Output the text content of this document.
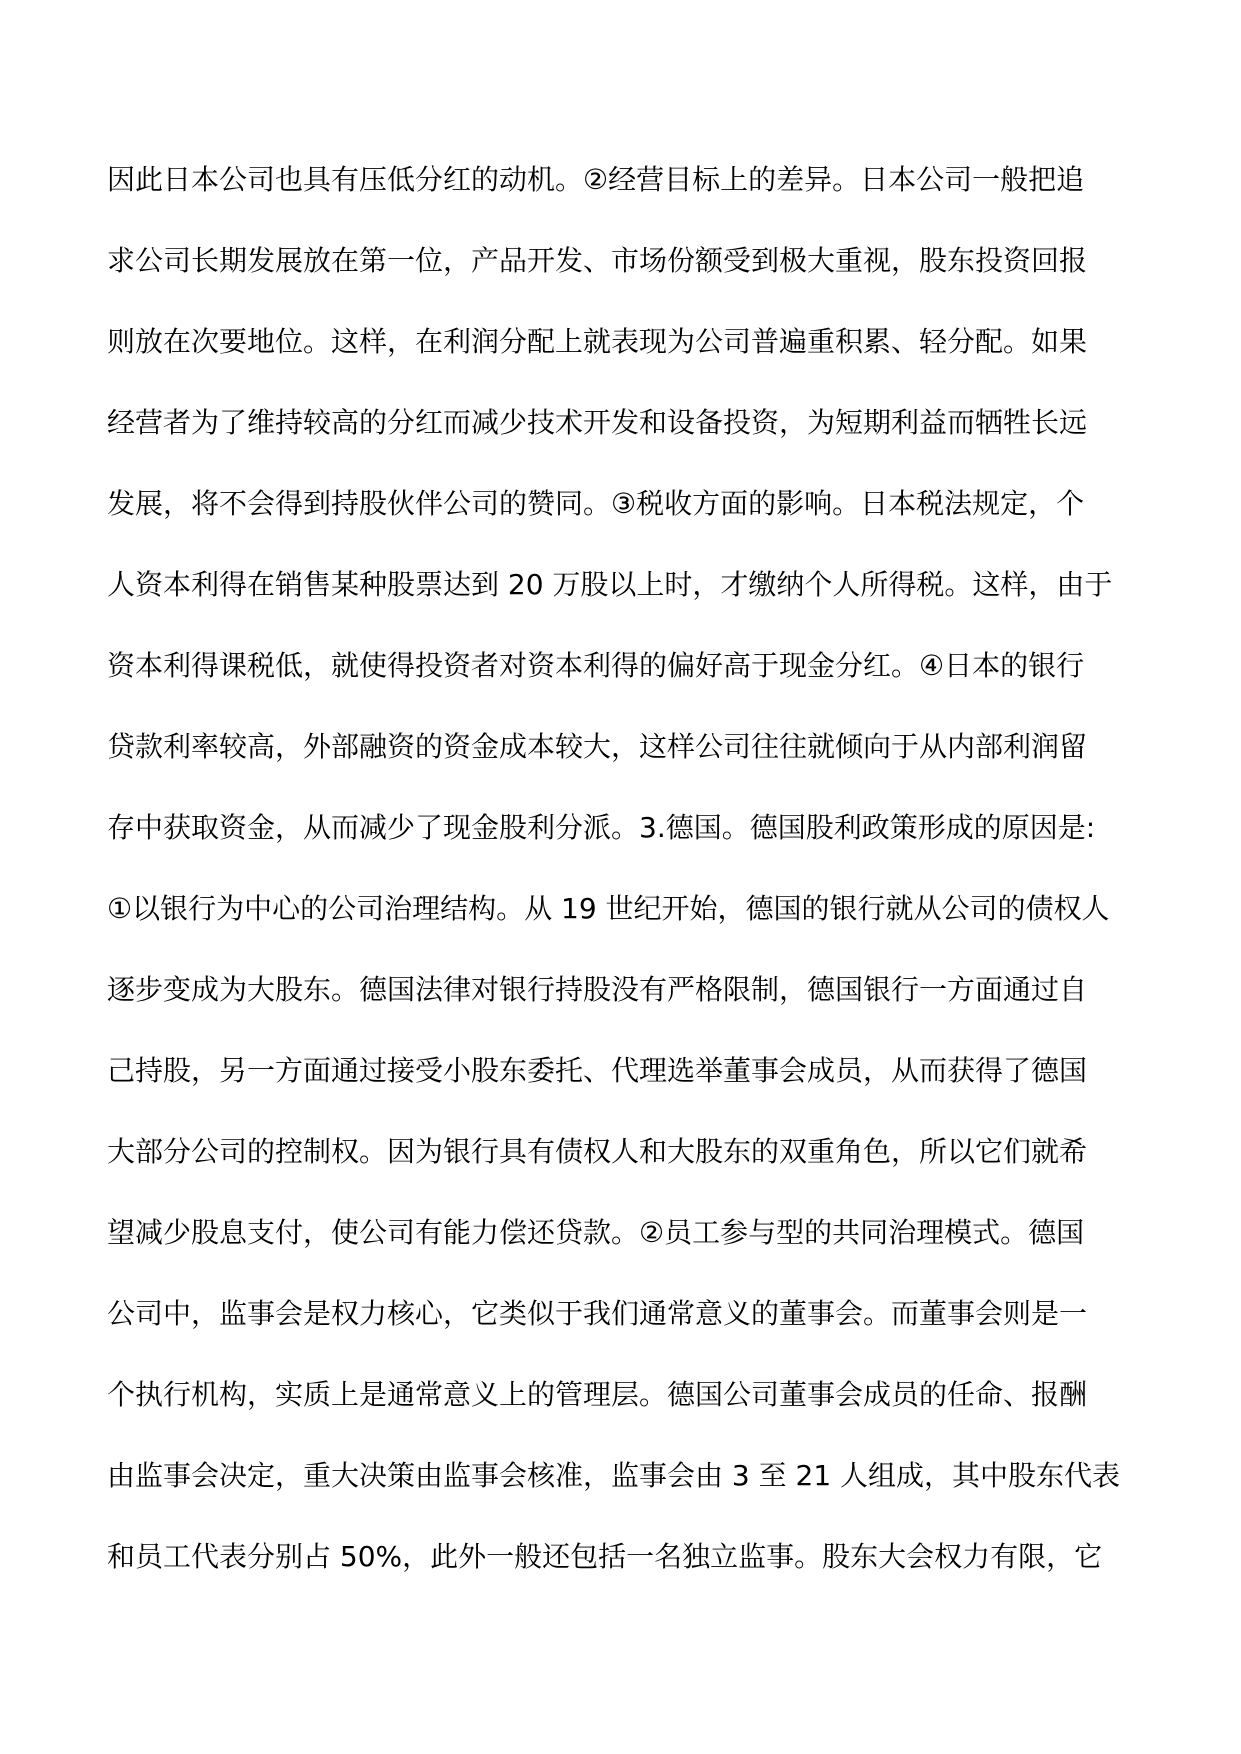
因此日本公司也具有压低分红的动机。②经营目标上的差异。日本公司一般把追
求公司长期发展放在第一位，产品开发、市场份额受到极大重视，股东投资回报
则放在次要地位。这样，在利润分配上就表现为公司普遍重积累、轻分配。如果
经营者为了维持较高的分红而减少技术开发和设备投资，为短期利益而牺牲长远
发展，将不会得到持股伙伴公司的赞同。③税收方面的影响。日本税法规定，个
人资本利得在销售某种股票达到 20 万股以上时，才缴纳个人所得税。这样，由于
资本利得课税低，就使得投资者对资本利得的偏好高于现金分红。④日本的银行
贷款利率较高，外部融资的资金成本较大，这样公司往往就倾向于从内部利润留
存中获取资金，从而减少了现金股利分派。3.德国。德国股利政策形成的原因是:
①以银行为中心的公司治理结构。从 19 世纪开始，德国的银行就从公司的债权人
逐步变成为大股东。德国法律对银行持股没有严格限制，德国银行一方面通过自
己持股，另一方面通过接受小股东委托、代理选举董事会成员，从而获得了德国
大部分公司的控制权。因为银行具有债权人和大股东的双重角色，所以它们就希
望减少股息支付，使公司有能力偿还贷款。②员工参与型的共同治理模式。德国
公司中，监事会是权力核心，它类似于我们通常意义的董事会。而董事会则是一
个执行机构，实质上是通常意义上的管理层。德国公司董事会成员的任命、报酬
由监事会决定，重大决策由监事会核准，监事会由 3 至 21 人组成，其中股东代表
和员工代表分别占 50%，此外一般还包括一名独立监事。股东大会权力有限，它
